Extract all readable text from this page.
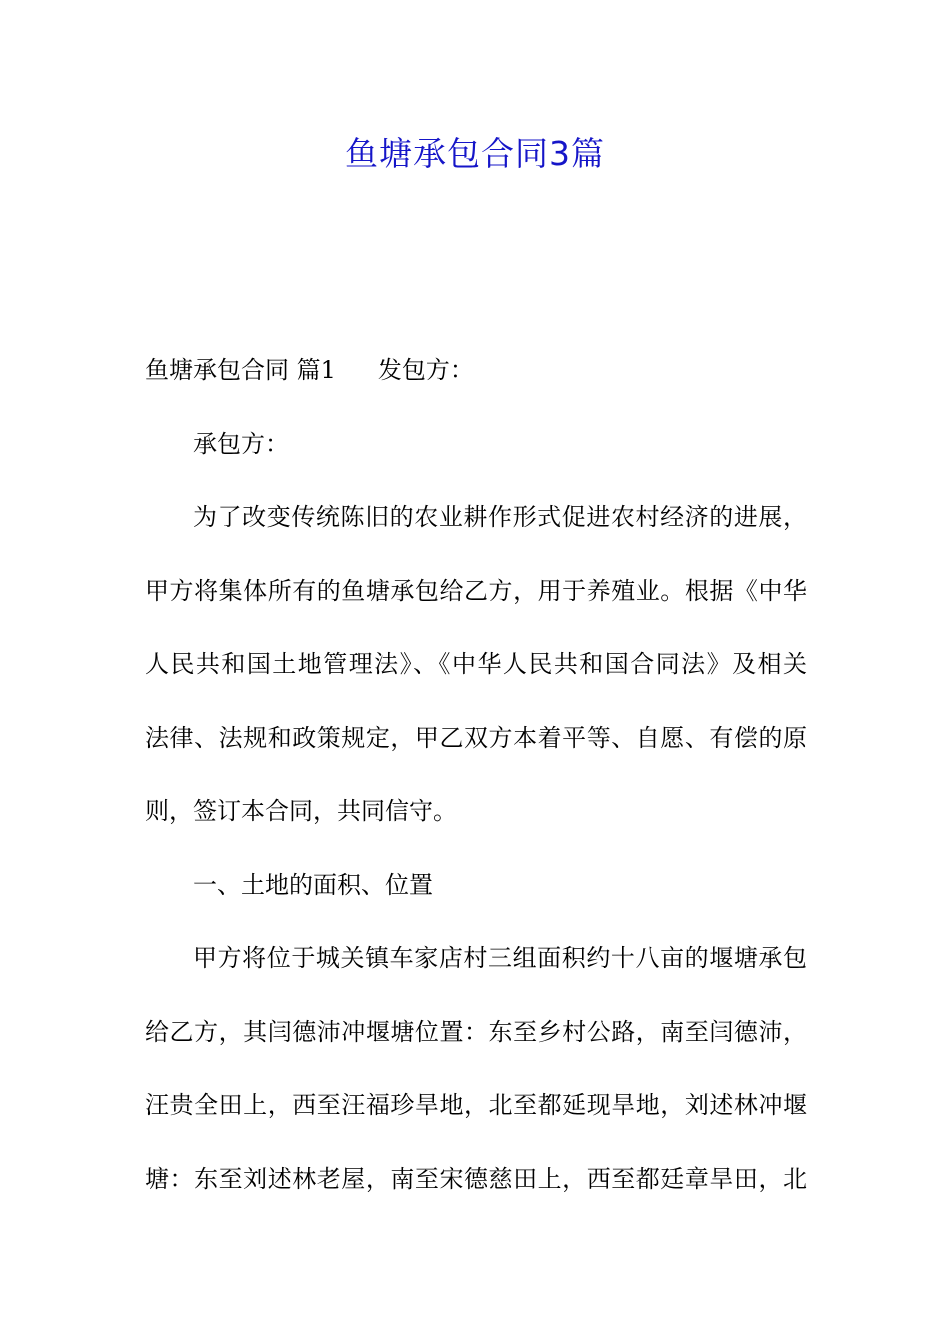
鱼塘承包合同3篇
鱼塘承包合同 篇1 发包方：
承包方：
为了改变传统陈旧的农业耕作形式促进农村经济的进展，
甲方将集体所有的鱼塘承包给乙方，用于养殖业。根据《中华
人民共和国土地管理法》、《中华人民共和国合同法》及相关
法律、法规和政策规定，甲乙双方本着平等、自愿、有偿的原
则，签订本合同，共同信守。
一、土地的面积、位置
甲方将位于城关镇车家店村三组面积约十八亩的堰塘承包
给乙方，其闫德沛冲堰塘位置：东至乡村公路，南至闫德沛，
汪贵全田上，西至汪福珍旱地，北至都延现旱地，刘述林冲堰
塘：东至刘述林老屋，南至宋德慈田上，西至都廷章旱田，北
